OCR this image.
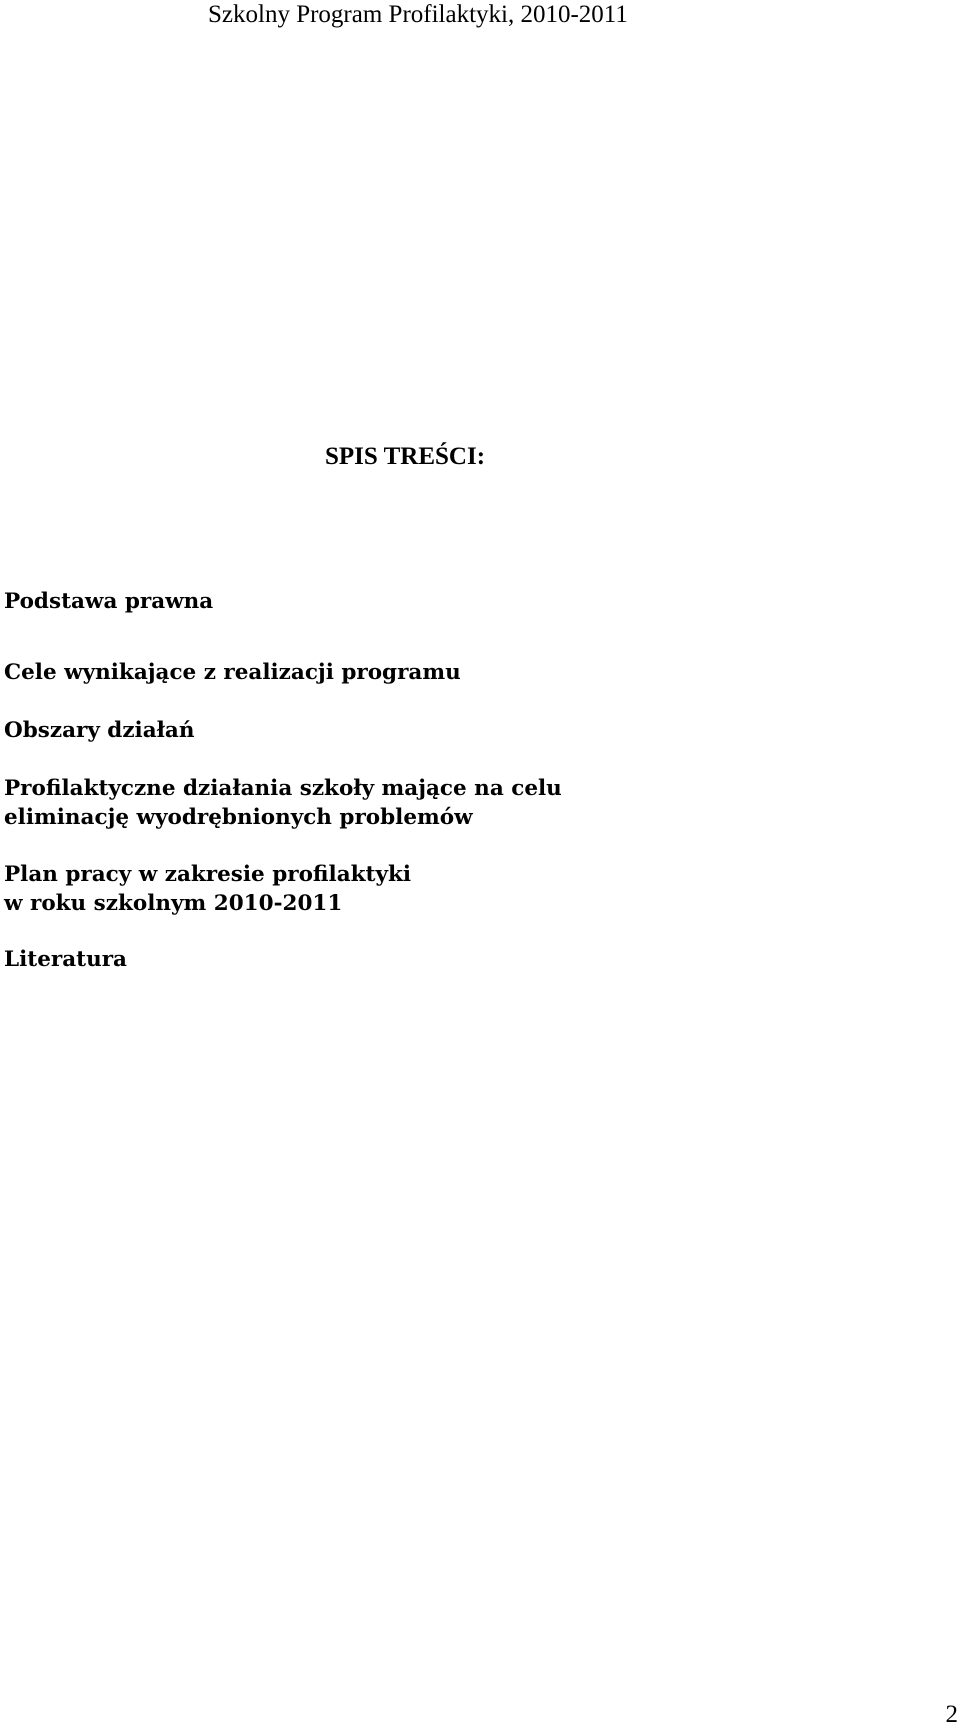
Szkolny Program Profilaktyki, 2010-2011
SPIS TREŚCI:
Podstawa prawna
Cele wynikające z realizacji programu
Obszary działań
Profilaktyczne działania szkoły mające na celu
eliminację wyodrębnionych problemów
Plan pracy w zakresie profilaktyki
w roku szkolnym 2010-2011
Literatura
2
